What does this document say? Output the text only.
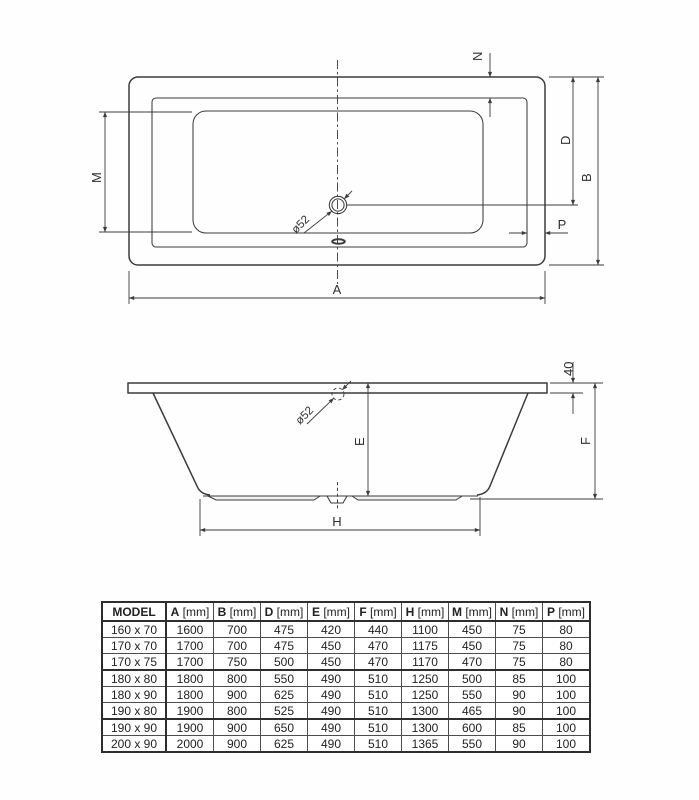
ø52
M
N
D
B
P
A
ø52
E
40
F
H
MODEL	A [mm]	B [mm]	D [mm]	E [mm]	F [mm]	H [mm]	M [mm]	N [mm]	P [mm]
160 x 70	1600	700	475	420	440	1100	450	75	80
170 x 70	1700	700	475	450	470	1175	450	75	80
170 x 75	1700	750	500	450	470	1170	470	75	80
180 x 80	1800	800	550	490	510	1250	500	85	100
180 x 90	1800	900	625	490	510	1250	550	90	100
190 x 80	1900	800	525	490	510	1300	465	90	100
190 x 90	1900	900	650	490	510	1300	600	85	100
200 x 90	2000	900	625	490	510	1365	550	90	100
